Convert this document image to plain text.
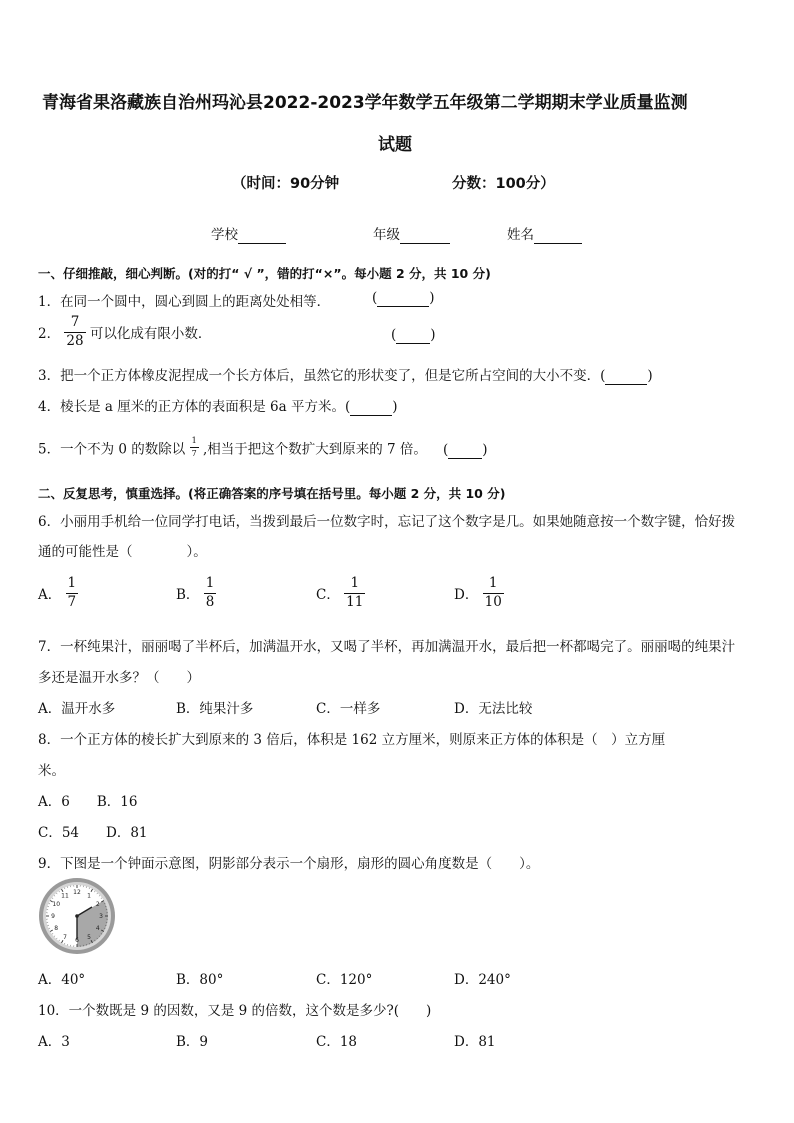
青海省果洛藏族自治州玛沁县2022-2023学年数学五年级第二学期期末学业质量监测
试题
（时间：90分钟	分数：100分）
学校	年级	姓名
一、仔细推敲，细心判断。(对的打“ √ ”，错的打“×”。每小题 2 分，共 10 分)
1．在同一个圆中，圆心到圆上的距离处处相等．	(	)
2． $\frac{7}{28}$ 可以化成有限小数．	(	)
3．把一个正方体橡皮泥捏成一个长方体后，虽然它的形状变了，但是它所占空间的大小不变．(	)
4．棱长是 a 厘米的正方体的表面积是 6a 平方米。(	)
5．一个不为 0 的数除以 $\frac{1}{7}$ ,相当于把这个数扩大到原来的 7 倍。 (	)
二、反复思考，慎重选择。(将正确答案的序号填在括号里。每小题 2 分，共 10 分)
6．小丽用手机给一位同学打电话，当拨到最后一位数字时，忘记了这个数字是几。如果她随意按一个数字键，恰好拨
通的可能性是（　　　　）。
A． $\frac{1}{7}$	B． $\frac{1}{8}$	C． $\frac{1}{11}$	D． $\frac{1}{10}$
7．一杯纯果汁，丽丽喝了半杯后，加满温开水，又喝了半杯，再加满温开水，最后把一杯都喝完了。丽丽喝的纯果汁
多还是温开水多？（　　）
A．温开水多	B．纯果汁多	C．一样多	D．无法比较
8．一个正方体的棱长扩大到原来的 3 倍后，体积是 162 立方厘米，则原来正方体的体积是（　）立方厘
米。
A．6　　B．16
C．54　　D．81
9．下图是一个钟面示意图，阴影部分表示一个扇形，扇形的圆心角度数是（　　）。
12 1
2
3
4
5
6
7
8
9
10
11
A．40°	B．80°	C．120°	D．240°
10．一个数既是 9 的因数，又是 9 的倍数，这个数是多少?(　　)
A．3	B．9	C．18	D．81
